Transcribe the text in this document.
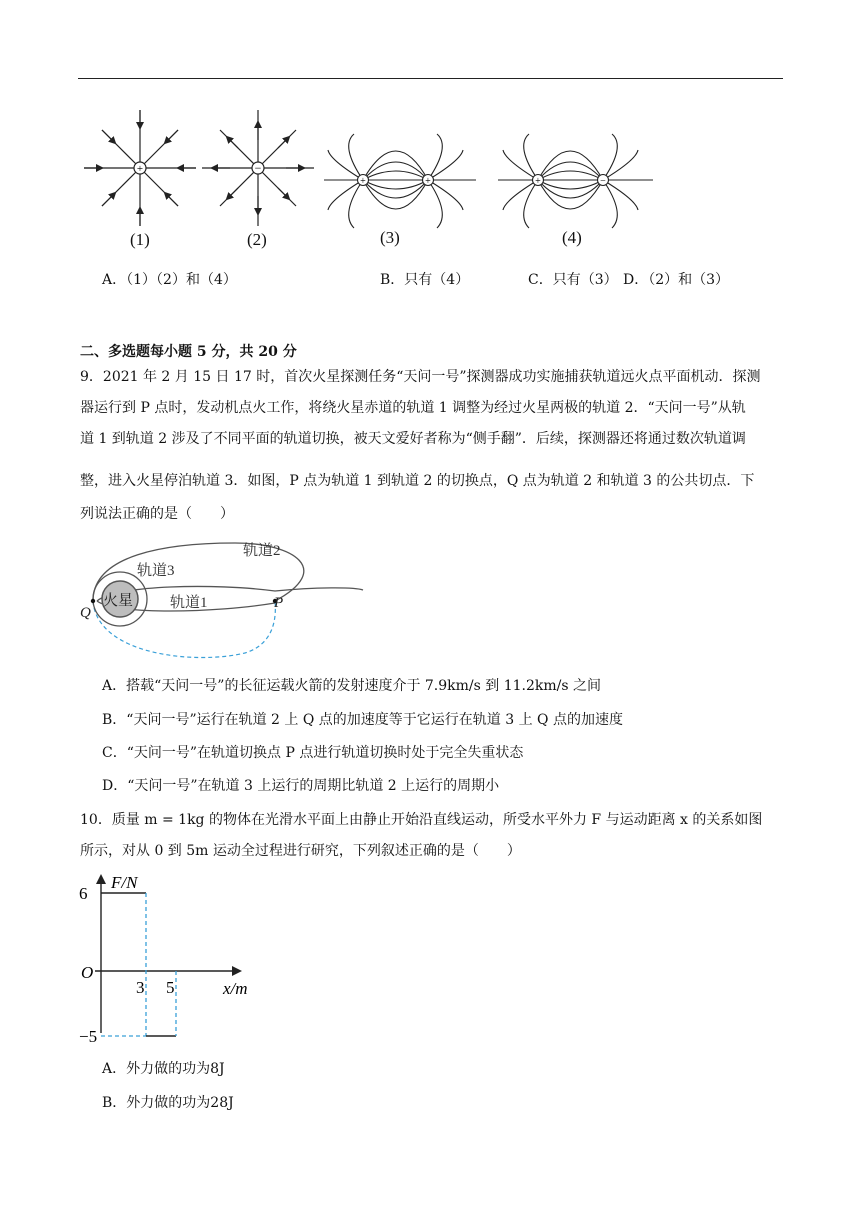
+	−
+	+	+	−
(1)	(2)	(3)	(4)
A．（1）（2）和（4）	B．只有（4）	C．只有（3） D．（2）和（3）
二、多选题每小题 5 分，共 20 分
9．2021 年 2 月 15 日 17 时，首次火星探测任务“天问一号”探测器成功实施捕获轨道远火点平面机动．探测
器运行到 P 点时，发动机点火工作，将绕火星赤道的轨道 1 调整为经过火星两极的轨道 2．“天问一号”从轨
道 1 到轨道 2 涉及了不同平面的轨道切换，被天文爱好者称为“侧手翻”．后续，探测器还将通过数次轨道调
整，进入火星停泊轨道 3．如图，P 点为轨道 1 到轨道 2 的切换点，Q 点为轨道 2 和轨道 3 的公共切点．下
列说法正确的是（　　）
轨道2
轨道3
火星 轨道1	P
Q
A．搭载“天问一号”的长征运载火箭的发射速度介于 7.9km/s 到 11.2km/s 之间
B．“天问一号”运行在轨道 2 上 Q 点的加速度等于它运行在轨道 3 上 Q 点的加速度
C．“天问一号”在轨道切换点 P 点进行轨道切换时处于完全失重状态
D．“天问一号”在轨道 3 上运行的周期比轨道 2 上运行的周期小
10．质量 m = 1kg 的物体在光滑水平面上由静止开始沿直线运动，所受水平外力 F 与运动距离 x 的关系如图
所示，对从 0 到 5m 运动全过程进行研究，下列叙述正确的是（　　）
6
−5
3 5
F/N
x/m
O
A．外力做的功为8J
B．外力做的功为28J
